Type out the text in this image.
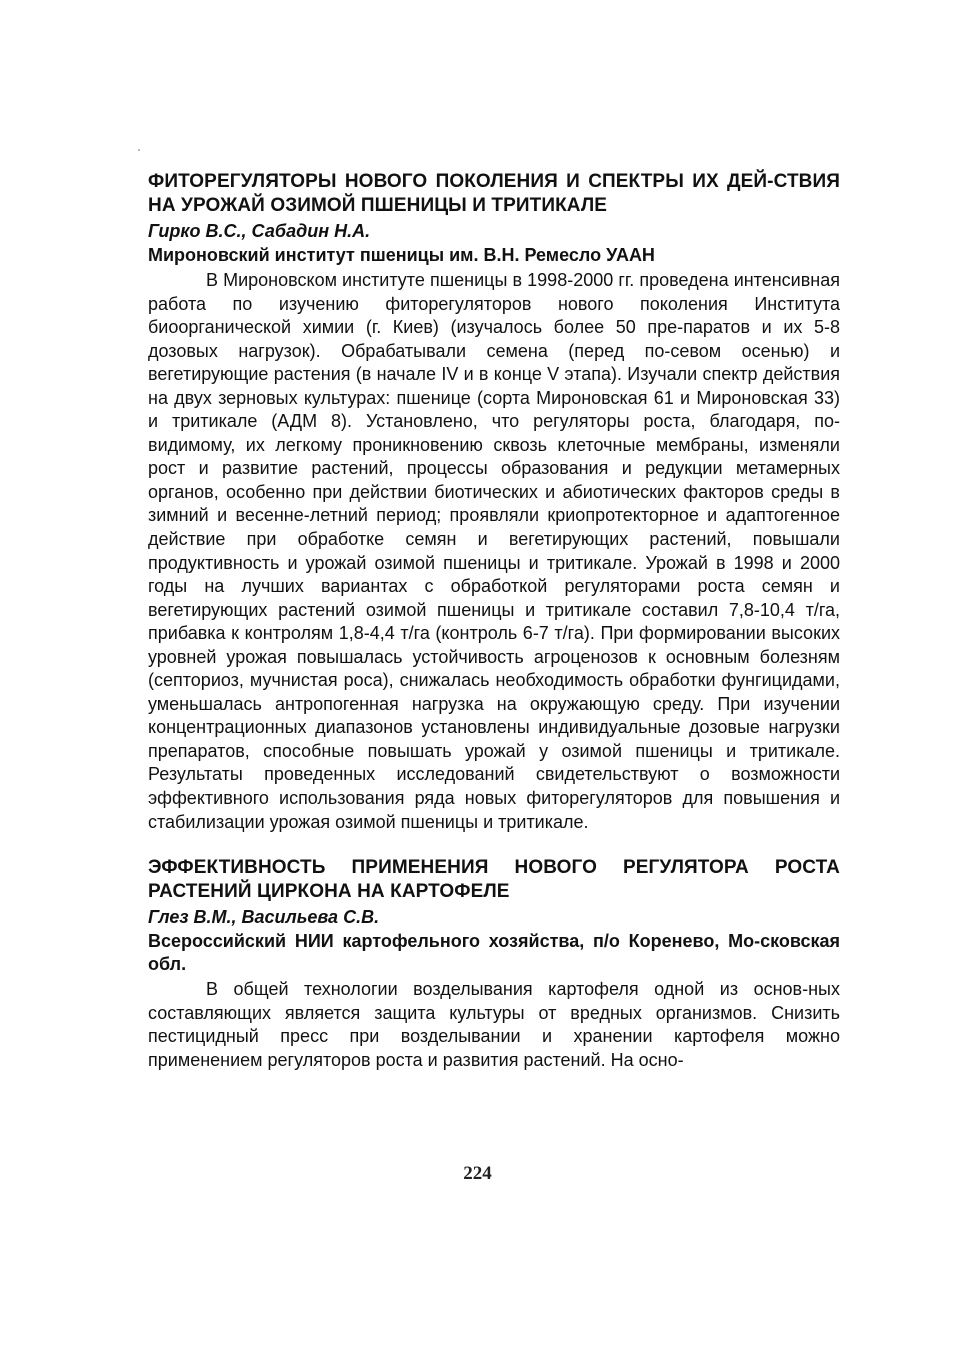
ФИТОРЕГУЛЯТОРЫ НОВОГО ПОКОЛЕНИЯ И СПЕКТРЫ ИХ ДЕЙ-СТВИЯ НА УРОЖАЙ ОЗИМОЙ ПШЕНИЦЫ И ТРИТИКАЛЕ
Гирко В.С., Сабадин Н.А.
Мироновский институт пшеницы им. В.Н. Ремесло УААН

В Мироновском институте пшеницы в 1998-2000 гг. проведена интенсивная работа по изучению фиторегуляторов нового поколения Института биоорганической химии (г. Киев) (изучалось более 50 пре-паратов и их 5-8 дозовых нагрузок). Обрабатывали семена (перед по-севом осенью) и вегетирующие растения (в начале IV и в конце V этапа). Изучали спектр действия на двух зерновых культурах: пшенице (сорта Мироновская 61 и Мироновская 33) и тритикале (АДМ 8). Установлено, что регуляторы роста, благодаря, по-видимому, их легкому проникновению сквозь клеточные мембраны, изменяли рост и развитие растений, процессы образования и редукции метамерных органов, особенно при действии биотических и абиотических факторов среды в зимний и весенне-летний период; проявляли криопротекторное и адаптогенное действие при обработке семян и вегетирующих растений, повышали продуктивность и урожай озимой пшеницы и тритикале. Урожай в 1998 и 2000 годы на лучших вариантах с обработкой регуляторами роста семян и вегетирующих растений озимой пшеницы и тритикале составил 7,8-10,4 т/га, прибавка к контролям 1,8-4,4 т/га (контроль 6-7 т/га). При формировании высоких уровней урожая повышалась устойчивость агроценозов к основным болезням (септориоз, мучнистая роса), снижалась необходимость обработки фунгицидами, уменьшалась антропогенная нагрузка на окружающую среду. При изучении концентрационных диапазонов установлены индивидуальные дозовые нагрузки препаратов, способные повышать урожай у озимой пшеницы и тритикале. Результаты проведенных исследований свидетельствуют о возможности эффективного использования ряда новых фиторегуляторов для повышения и стабилизации урожая озимой пшеницы и тритикале.

ЭФФЕКТИВНОСТЬ ПРИМЕНЕНИЯ НОВОГО РЕГУЛЯТОРА РОСТА РАСТЕНИЙ ЦИРКОНА НА КАРТОФЕЛЕ
Глез В.М., Васильева С.В.
Всероссийский НИИ картофельного хозяйства, п/о Коренево, Мо-сковская обл.

В общей технологии возделывания картофеля одной из основ-ных составляющих является защита культуры от вредных организмов. Снизить пестицидный пресс при возделывании и хранении картофеля можно применением регуляторов роста и развития растений. На осно-

224
